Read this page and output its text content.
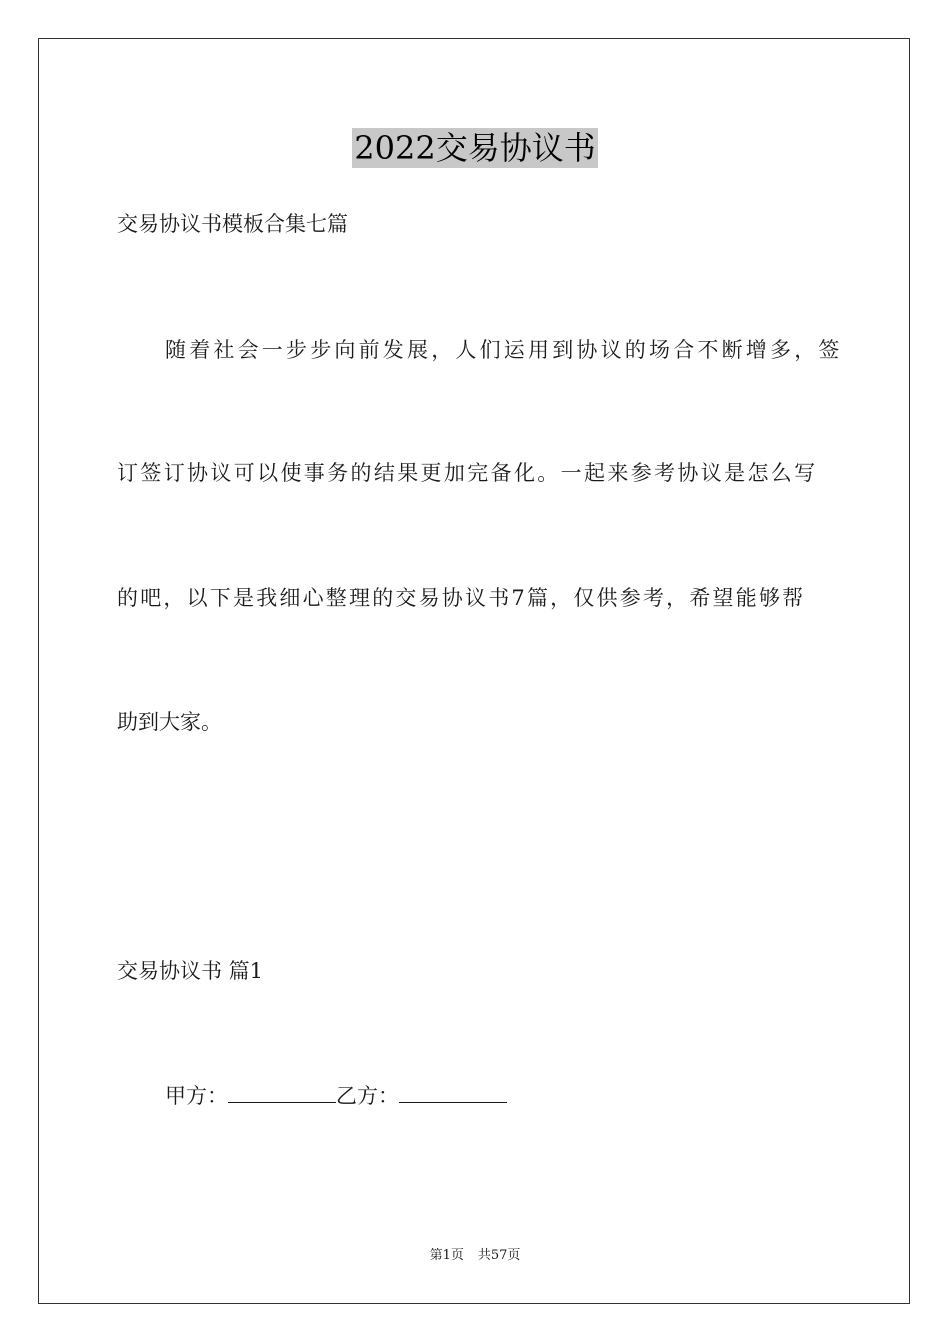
2022交易协议书
交易协议书模板合集七篇
随着社会一步步向前发展，人们运用到协议的场合不断增多，签
订签订协议可以使事务的结果更加完备化。一起来参考协议是怎么写
的吧，以下是我细心整理的交易协议书7篇，仅供参考，希望能够帮
助到大家。
交易协议书 篇1
甲方：	乙方：
第1页 共57页
